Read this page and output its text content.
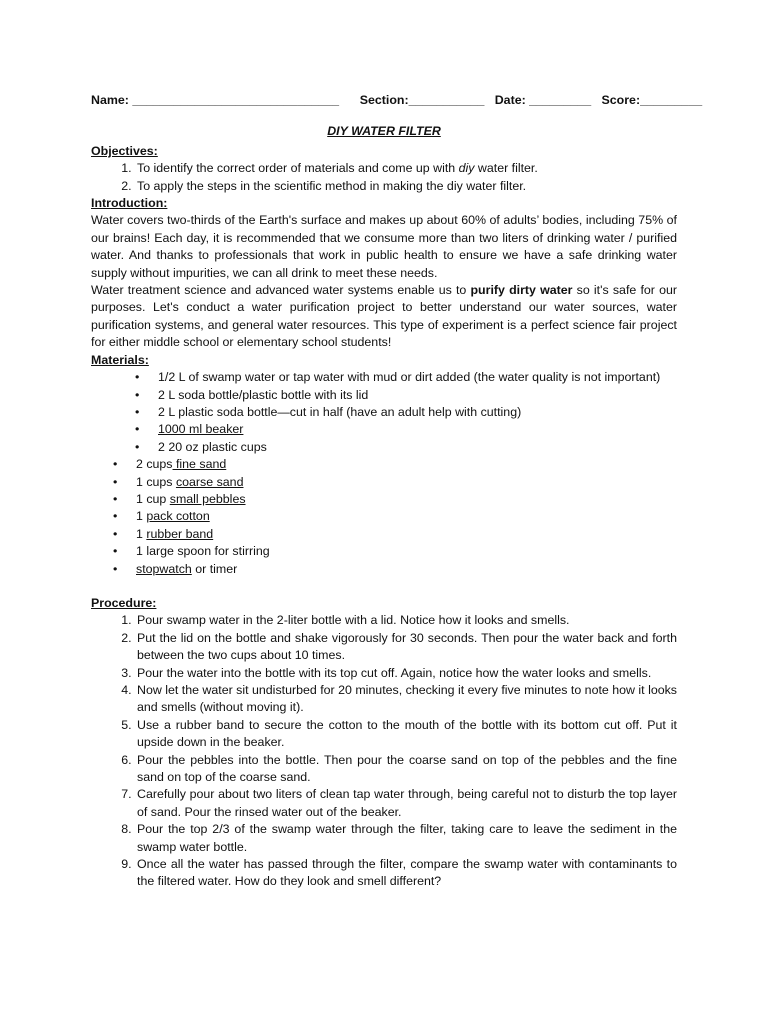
Name: ______________________________
Section:___________
Date: _________
Score:_________
DIY WATER FILTER
Objectives:
1. To identify the correct order of materials and come up with diy water filter.
2. To apply the steps in the scientific method in making the diy water filter.
Introduction:

Water covers two-thirds of the Earth's surface and makes up about 60% of adults’ bodies, including 75% of our brains! Each day, it is recommended that we consume more than two liters of drinking water / purified water. And thanks to professionals that work in public health to ensure we have a safe drinking water supply without impurities, we can all drink to meet these needs.

Water treatment science and advanced water systems enable us to purify dirty water so it's safe for our purposes. Let's conduct a water purification project to better understand our water sources, water purification systems, and general water resources. This type of experiment is a perfect science fair project for either middle school or elementary school students!

Materials:
• 1/2 L of swamp water or tap water with mud or dirt added (the water quality is not important)
• 2 L soda bottle/plastic bottle with its lid
• 2 L plastic soda bottle—cut in half (have an adult help with cutting)
• 1000 ml beaker
• 2 20 oz plastic cups
• 2 cups fine sand
• 1 cups coarse sand
• 1 cup small pebbles
• 1 pack cotton
• 1 rubber band
• 1 large spoon for stirring
• stopwatch or timer
Procedure:
1. Pour swamp water in the 2-liter bottle with a lid. Notice how it looks and smells.
2. Put the lid on the bottle and shake vigorously for 30 seconds. Then pour the water back and forth between the two cups about 10 times.
3. Pour the water into the bottle with its top cut off. Again, notice how the water looks and smells.
4. Now let the water sit undisturbed for 20 minutes, checking it every five minutes to note how it looks and smells (without moving it).
5. Use a rubber band to secure the cotton to the mouth of the bottle with its bottom cut off. Put it upside down in the beaker.
6. Pour the pebbles into the bottle. Then pour the coarse sand on top of the pebbles and the fine sand on top of the coarse sand.
7. Carefully pour about two liters of clean tap water through, being careful not to disturb the top layer of sand. Pour the rinsed water out of the beaker.
8. Pour the top 2/3 of the swamp water through the filter, taking care to leave the sediment in the swamp water bottle.
9. Once all the water has passed through the filter, compare the swamp water with contaminants to the filtered water. How do they look and smell different?
